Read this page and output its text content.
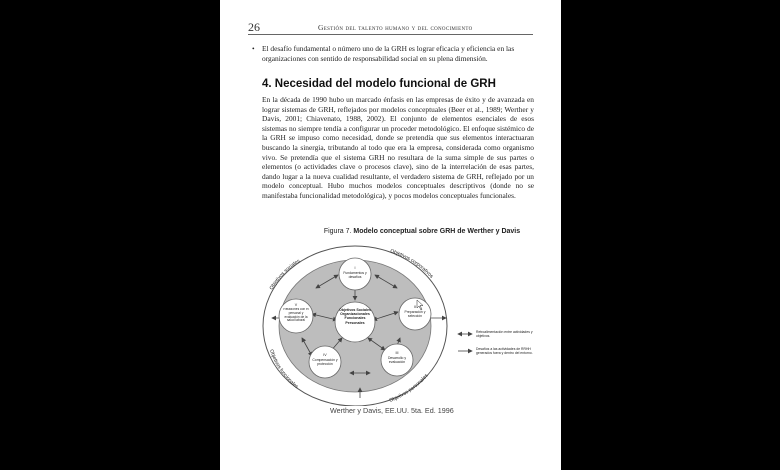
26	Gestión del talento humano y del conocimiento
• El desafío fundamental o número uno de la GRH es lograr eficacia y eficiencia en las organizaciones con sentido de responsabilidad social en su plena dimensión.
4. Necesidad del modelo funcional de GRH
En la década de 1990 hubo un marcado énfasis en las empresas de éxito y de avanzada en lograr sistemas de GRH, reflejados por modelos conceptuales (Beer et al., 1989; Werther y Davis, 2001; Chiavenato, 1988, 2002). El conjunto de elementos esenciales de esos sistemas no siempre tendía a configurar un proceder metodológico. El enfoque sistémico de la GRH se impuso como necesidad, donde se pretendía que sus elementos interactuaran buscando la sinergia, tributando al todo que era la empresa, considerada como organismo vivo. Se pretendía que el sistema GRH no resultara de la suma simple de sus partes o elementos (o actividades clave o procesos clave), sino de la interrelación de esas partes, dando lugar a la nueva cualidad resultante, el verdadero sistema de GRH, reflejado por un modelo conceptual. Hubo muchos modelos conceptuales descriptivos (donde no se manifestaba funcionalidad metodológica), y pocos modelos conceptuales funcionales.
Figura 7. Modelo conceptual sobre GRH de Werther y Davis
Objetivos Sociales Organizacionales Funcionales Personales
I
Fundamentos y desafíos
II
Preparación y selección
III
Desarrollo y evaluación
IV
Compensación y protección
V
Relaciones con el personal y evaluación de la salud laboral
Objetivos sociales
Objetivos corporativos
Objetivos funcionales
Objetivos personales
Retroalimentación entre actividades y objetivos.
Desafíos a las actividades de RRHH generados fuera y dentro del entorno.
Werther y Davis, EE.UU. 5ta. Ed. 1996
